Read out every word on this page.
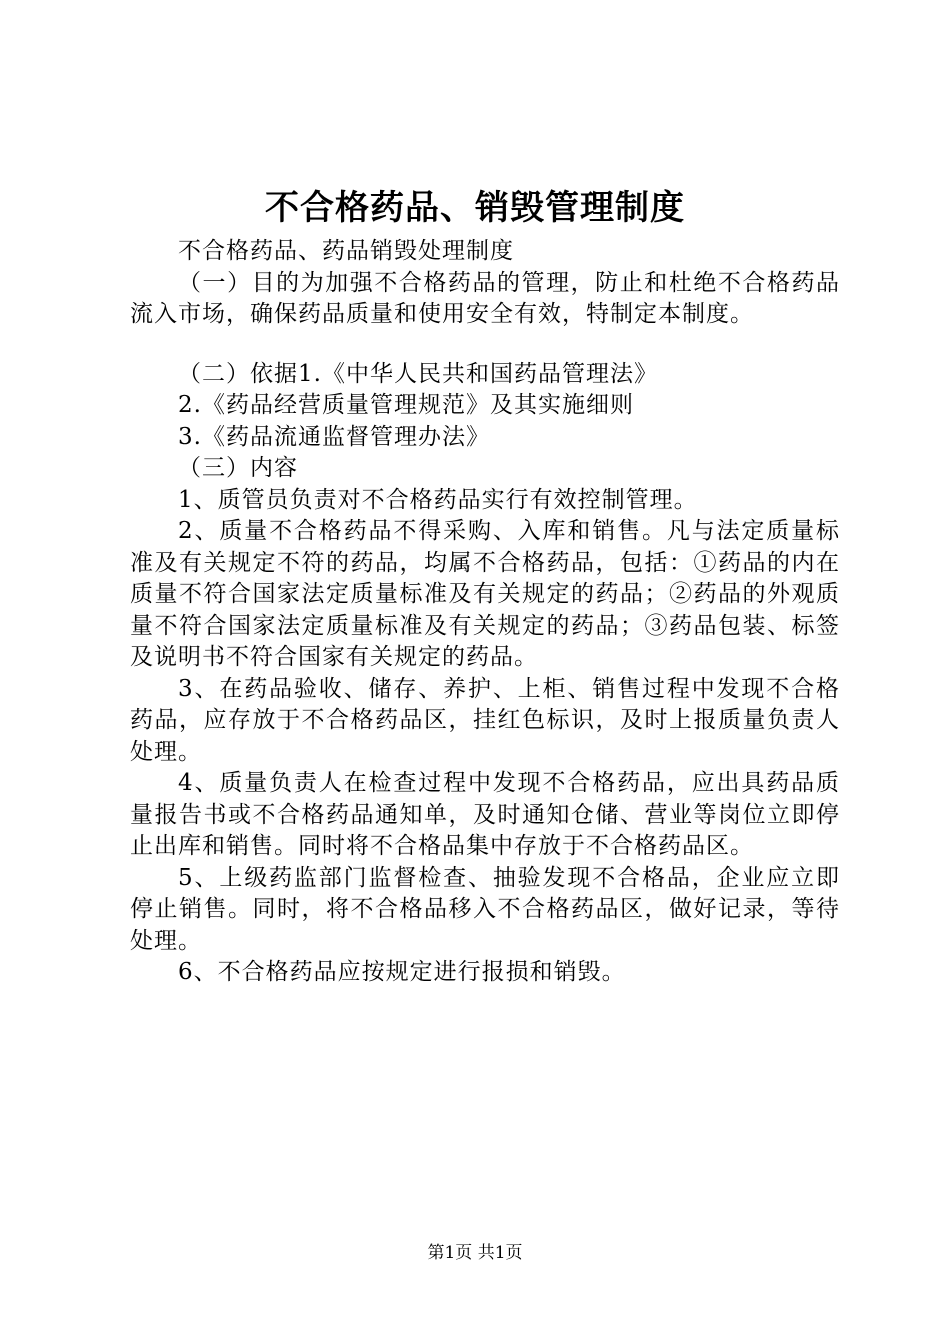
不合格药品、销毁管理制度

不合格药品、药品销毁处理制度

（一）目的为加强不合格药品的管理，防止和杜绝不合格药品流入市场，确保药品质量和使用安全有效，特制定本制度。

（二）依据1.《中华人民共和国药品管理法》

2.《药品经营质量管理规范》及其实施细则

3.《药品流通监督管理办法》

（三）内容

1、质管员负责对不合格药品实行有效控制管理。

2、质量不合格药品不得采购、入库和销售。凡与法定质量标准及有关规定不符的药品，均属不合格药品，包括：①药品的内在质量不符合国家法定质量标准及有关规定的药品；②药品的外观质量不符合国家法定质量标准及有关规定的药品；③药品包装、标签及说明书不符合国家有关规定的药品。

3、在药品验收、储存、养护、上柜、销售过程中发现不合格药品，应存放于不合格药品区，挂红色标识，及时上报质量负责人处理。

4、质量负责人在检查过程中发现不合格药品，应出具药品质量报告书或不合格药品通知单，及时通知仓储、营业等岗位立即停止出库和销售。同时将不合格品集中存放于不合格药品区。

5、上级药监部门监督检查、抽验发现不合格品，企业应立即停止销售。同时，将不合格品移入不合格药品区，做好记录，等待处理。

6、不合格药品应按规定进行报损和销毁。

第1页 共1页
